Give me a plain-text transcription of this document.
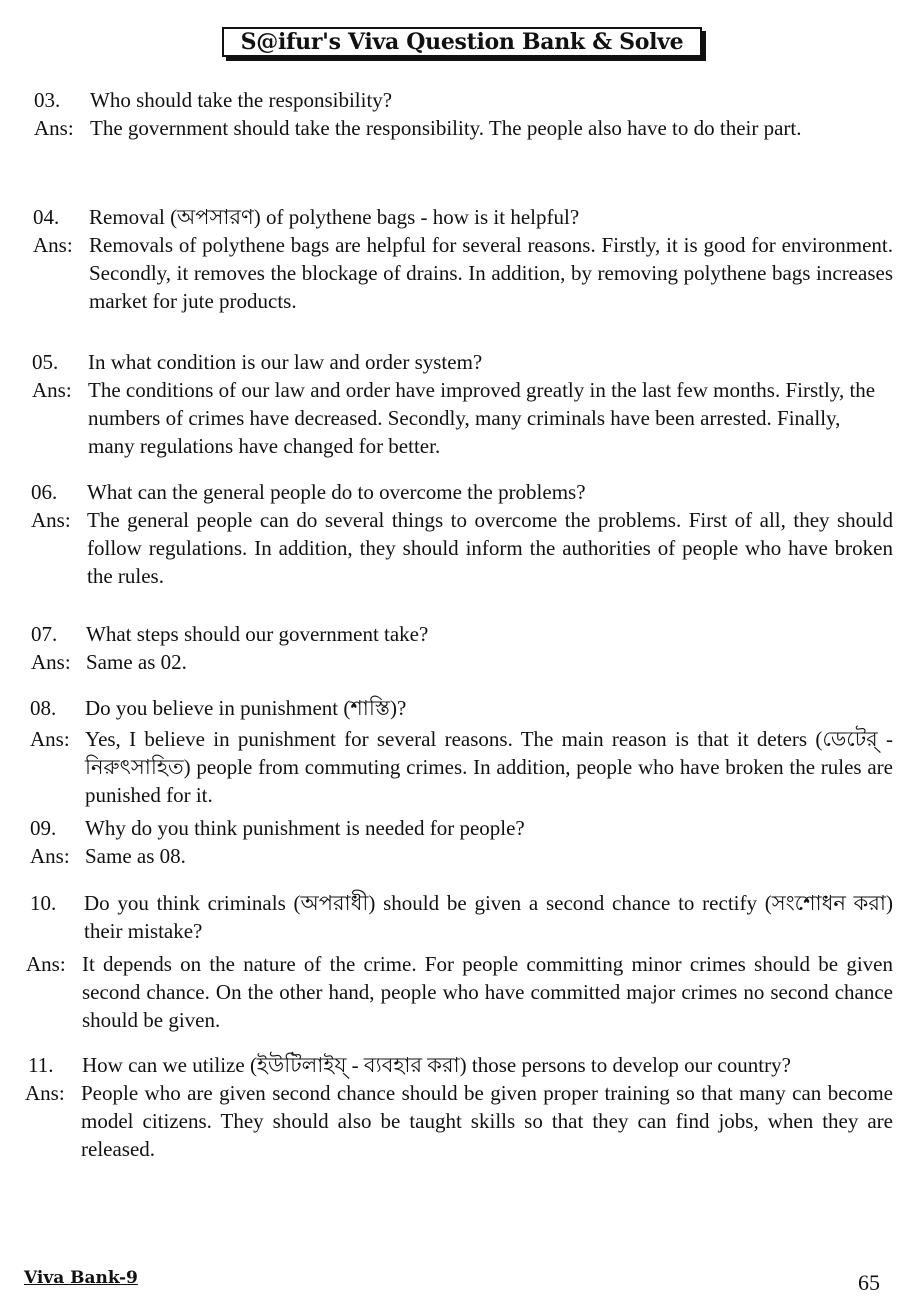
S@ifur's Viva Question Bank & Solve
03.	Who should take the responsibility?
Ans: The government should take the responsibility. The people also have to do their part.
04.	Removal (অপসারণ) of polythene bags - how is it helpful?
Ans: Removals of polythene bags are helpful for several reasons. Firstly, it is good for environment. Secondly, it removes the blockage of drains. In addition, by removing polythene bags increases market for jute products.
05.	In what condition is our law and order system?
Ans: The conditions of our law and order have improved greatly in the last few months. Firstly, the numbers of crimes have decreased. Secondly, many criminals have been arrested. Finally, many regulations have changed for better.
06.	What can the general people do to overcome the problems?
Ans: The general people can do several things to overcome the problems. First of all, they should follow regulations. In addition, they should inform the authorities of people who have broken the rules.
07.	What steps should our government take?
Ans: Same as 02.
08.	Do you believe in punishment (শাস্তি)?
Ans: Yes, I believe in punishment for several reasons. The main reason is that it deters (ডেটের্ - নিরুৎসাহিত) people from commuting crimes. In addition, people who have broken the rules are punished for it.
09.	Why do you think punishment is needed for people?
Ans: Same as 08.
10.	Do you think criminals (অপরাধী) should be given a second chance to rectify (সংশোধন করা) their mistake?
Ans: It depends on the nature of the crime. For people committing minor crimes should be given second chance. On the other hand, people who have committed major crimes no second chance should be given.
11.	How can we utilize (ইউটিলাইয্ - ব্যবহার করা) those persons to develop our country?
Ans: People who are given second chance should be given proper training so that many can become model citizens. They should also be taught skills so that they can find jobs, when they are released.
Viva Bank-9	65
